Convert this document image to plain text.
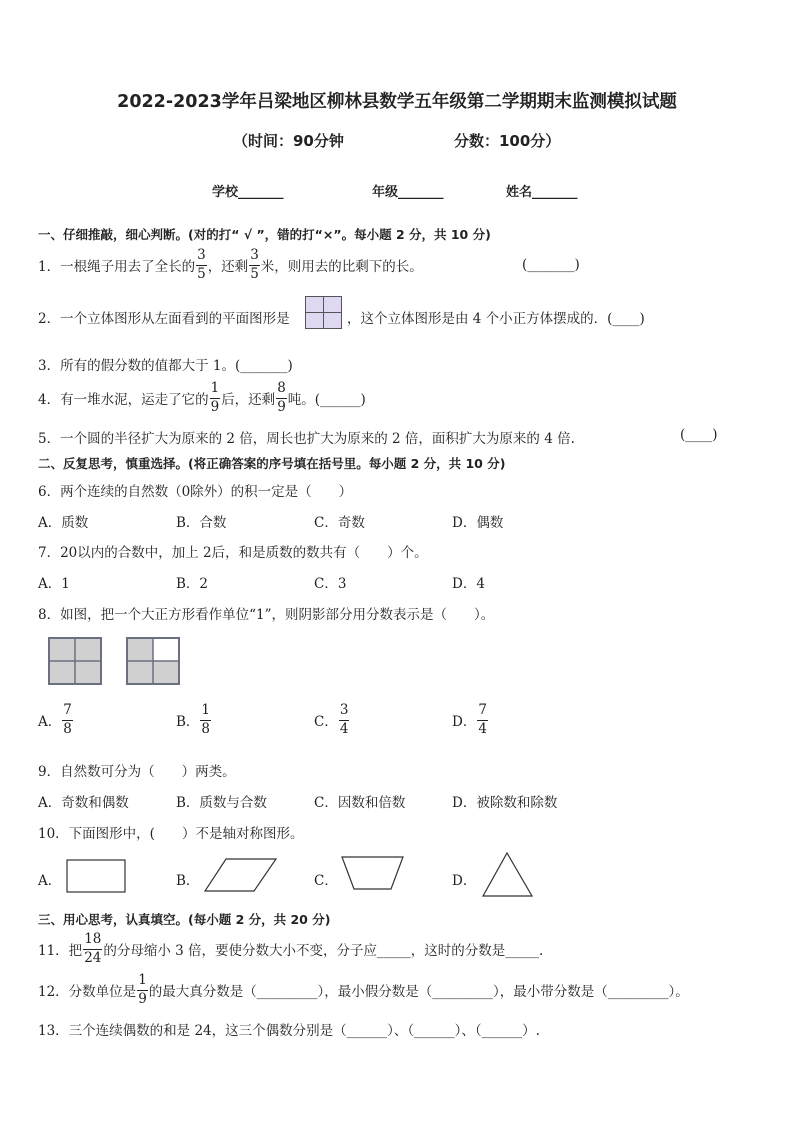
2022-2023学年吕梁地区柳林县数学五年级第二学期期末监测模拟试题
（时间：90分钟	分数：100分）
学校_______	年级_______	姓名_______
一、仔细推敲，细心判断。(对的打“ √ ”，错的打“×”。每小题 2 分，共 10 分)
1．一根绳子用去了全长的 $\frac{3}{5}$ ，还剩 $\frac{3}{5}$ 米，则用去的比剩下的长。	(_______)
2．一个立体图形从左面看到的平面图形是	，这个立体图形是由 4 个小正方体摆成的．(____)
3．所有的假分数的值都大于 1。(_______)
4．有一堆水泥，运走了它的 $\frac{1}{9}$ 后，还剩 $\frac{8}{9}$ 吨。(______)
5．一个圆的半径扩大为原来的 2 倍，周长也扩大为原来的 2 倍，面积扩大为原来的 4 倍.	(____)
二、反复思考，慎重选择。(将正确答案的序号填在括号里。每小题 2 分，共 10 分)
6．两个连续的自然数（0除外）的积一定是（　　）
A．质数	B．合数	C．奇数	D．偶数
7．20以内的合数中，加上 2后，和是质数的数共有（　　）个。
A．1	B．2	C．3	D．4
8．如图，把一个大正方形看作单位“1”，则阴影部分用分数表示是（　　）。
A． $\frac{7}{8}$	B． $\frac{1}{8}$	C． $\frac{3}{4}$	D． $\frac{7}{4}$
9．自然数可分为（　　）两类。
A．奇数和偶数	B．质数与合数	C．因数和倍数	D．被除数和除数
10．下面图形中，(　　）不是轴对称图形。
A．	B．	C．	D．
三、用心思考，认真填空。(每小题 2 分，共 20 分)
11．把 $\frac{18}{24}$ 的分母缩小 3 倍，要使分数大小不变，分子应_____，这时的分数是_____.
12．分数单位是 $\frac{1}{9}$ 的最大真分数是（_________），最小假分数是（_________），最小带分数是（_________）。
13．三个连续偶数的和是 24，这三个偶数分别是（______）、（______）、（______）.
